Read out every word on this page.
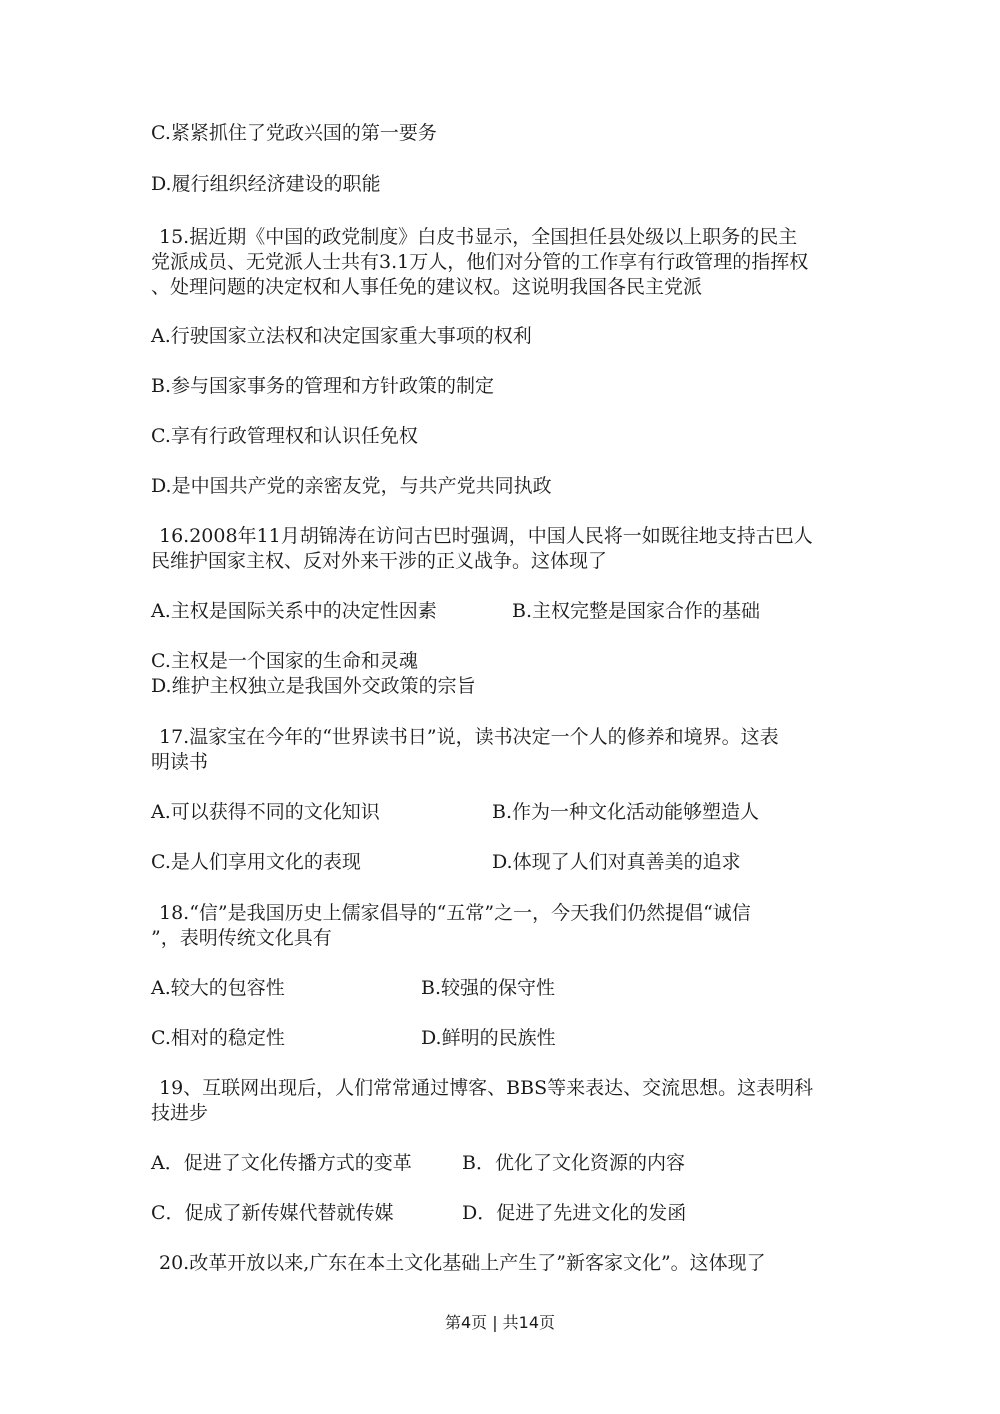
C.紧紧抓住了党政兴国的第一要务
D.履行组织经济建设的职能
15.据近期《中国的政党制度》白皮书显示，全国担任县处级以上职务的民主
党派成员、无党派人士共有3.1万人，他们对分管的工作享有行政管理的指挥权
、处理问题的决定权和人事任免的建议权。这说明我国各民主党派
A.行驶国家立法权和决定国家重大事项的权利
B.参与国家事务的管理和方针政策的制定
C.享有行政管理权和认识任免权
D.是中国共产党的亲密友党，与共产党共同执政
16.2008年11月胡锦涛在访问古巴时强调，中国人民将一如既往地支持古巴人
民维护国家主权、反对外来干涉的正义战争。这体现了
A.主权是国际关系中的决定性因素	B.主权完整是国家合作的基础
C.主权是一个国家的生命和灵魂
D.维护主权独立是我国外交政策的宗旨
17.温家宝在今年的“世界读书日”说，读书决定一个人的修养和境界。这表
明读书
A.可以获得不同的文化知识	B.作为一种文化活动能够塑造人
C.是人们享用文化的表现	D.体现了人们对真善美的追求
18.“信”是我国历史上儒家倡导的“五常”之一，今天我们仍然提倡“诚信
”，表明传统文化具有
A.较大的包容性	B.较强的保守性
C.相对的稳定性	D.鲜明的民族性
19、互联网出现后，人们常常通过博客、BBS等来表达、交流思想。这表明科
技进步
A．促进了文化传播方式的变革	B．优化了文化资源的内容
C．促成了新传媒代替就传媒	D．促进了先进文化的发函
20.改革开放以来,广东在本土文化基础上产生了”新客家文化”。这体现了
第4页 | 共14页
